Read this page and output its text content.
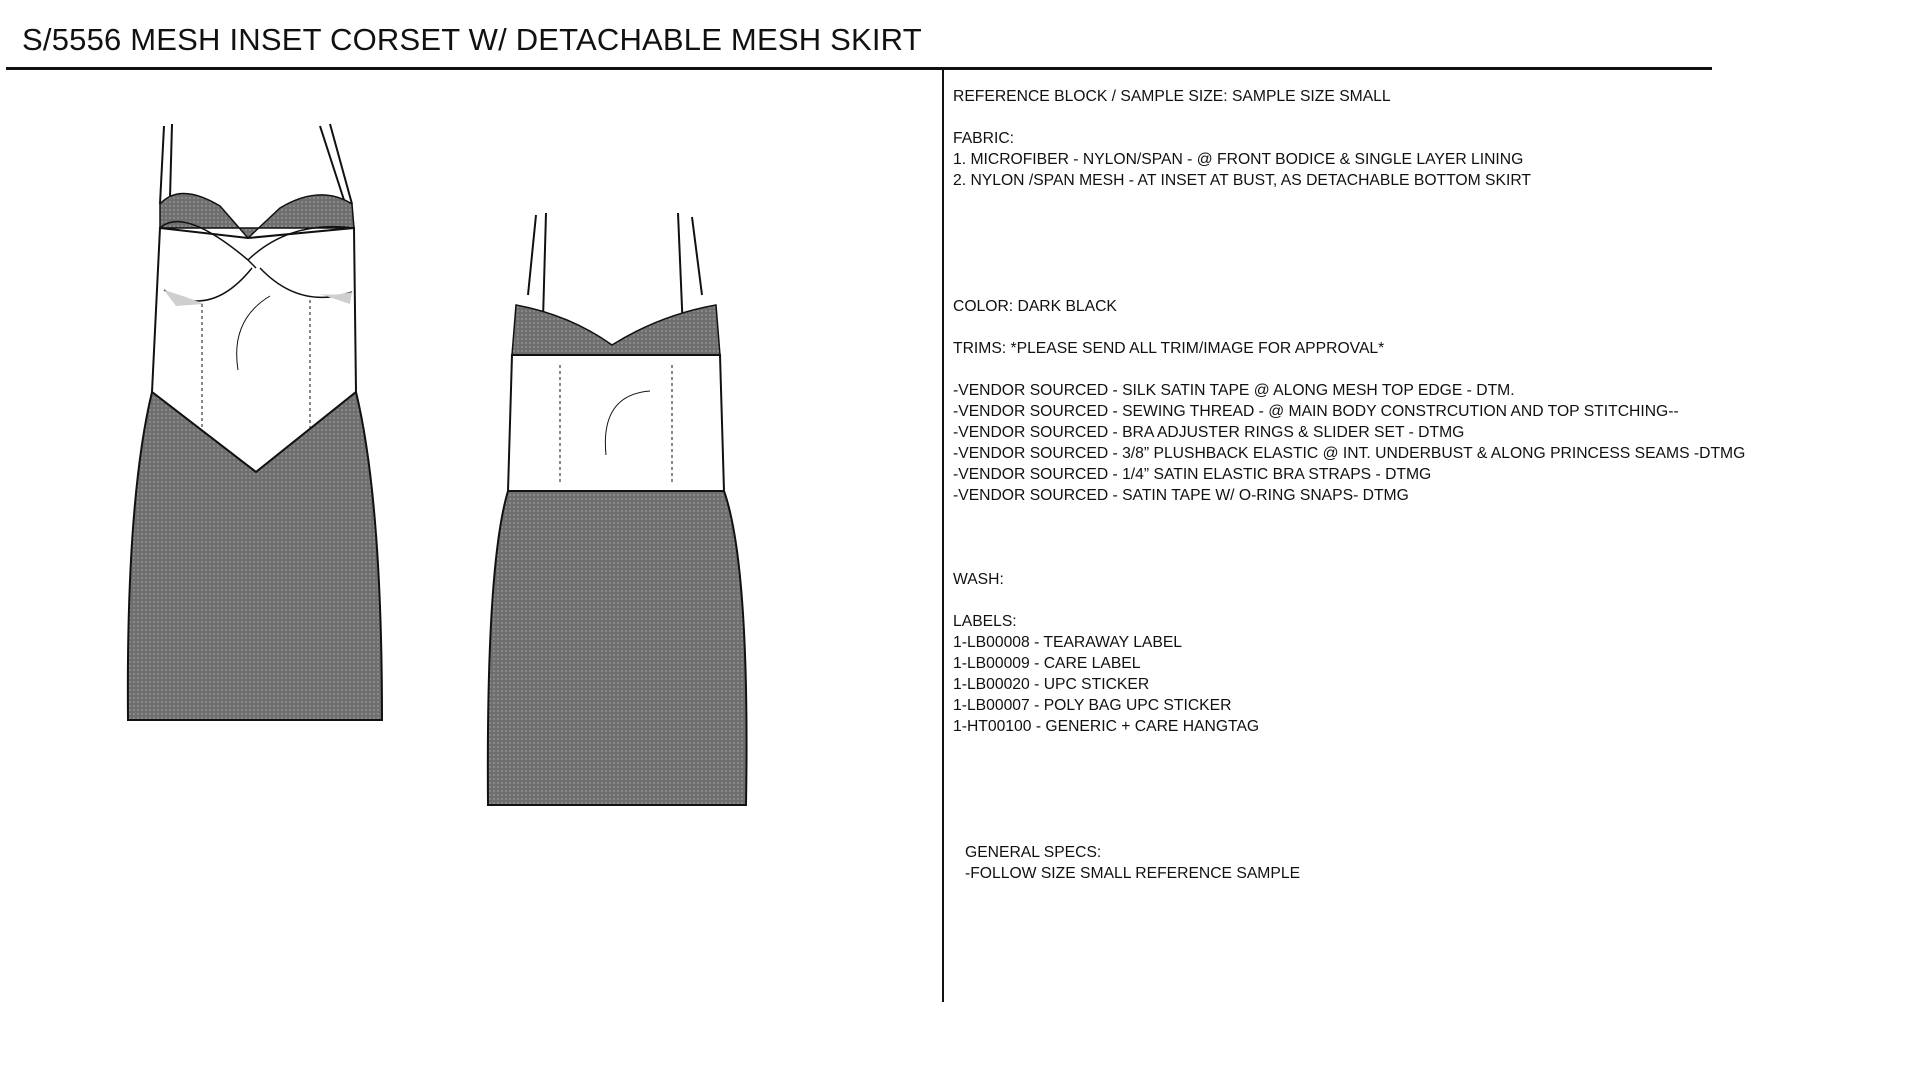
S/5556 MESH INSET CORSET W/ DETACHABLE MESH SKIRT
REFERENCE BLOCK / SAMPLE SIZE: SAMPLE SIZE SMALL
FABRIC:
1. MICROFIBER - NYLON/SPAN - @ FRONT BODICE & SINGLE LAYER LINING
2. NYLON /SPAN MESH - AT INSET AT BUST, AS DETACHABLE BOTTOM SKIRT
COLOR: DARK BLACK
TRIMS: *PLEASE SEND ALL TRIM/IMAGE FOR APPROVAL*
-VENDOR SOURCED - SILK SATIN TAPE @ ALONG MESH TOP EDGE - DTM.
-VENDOR SOURCED - SEWING THREAD - @ MAIN BODY CONSTRCUTION AND TOP STITCHING--
-VENDOR SOURCED - BRA ADJUSTER RINGS & SLIDER SET - DTMG
-VENDOR SOURCED - 3/8” PLUSHBACK ELASTIC @ INT. UNDERBUST & ALONG PRINCESS SEAMS -DTMG
-VENDOR SOURCED - 1/4” SATIN ELASTIC BRA STRAPS - DTMG
-VENDOR SOURCED - SATIN TAPE W/ O-RING SNAPS- DTMG
WASH:
LABELS:
1-LB00008 - TEARAWAY LABEL
1-LB00009 - CARE LABEL
1-LB00020 - UPC STICKER
1-LB00007 - POLY BAG UPC STICKER
1-HT00100 - GENERIC + CARE HANGTAG
GENERAL SPECS:
-FOLLOW SIZE SMALL REFERENCE SAMPLE
